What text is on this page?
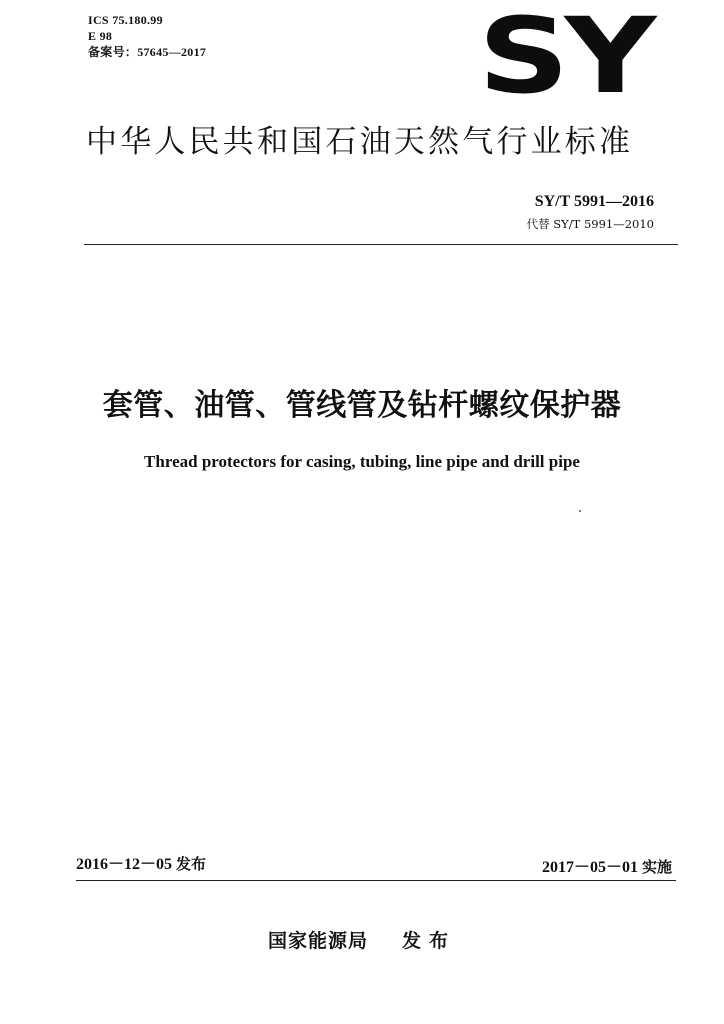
ICS 75.180.99
E 98
备案号：57645—2017	SY
中华人民共和国石油天然气行业标准
SY/T 5991—2016
代替 SY/T 5991—2010
套管、油管、管线管及钻杆螺纹保护器
Thread protectors for casing, tubing, line pipe and drill pipe
2016－12－05 发布	2017－05－01 实施
国家能源局 发布
